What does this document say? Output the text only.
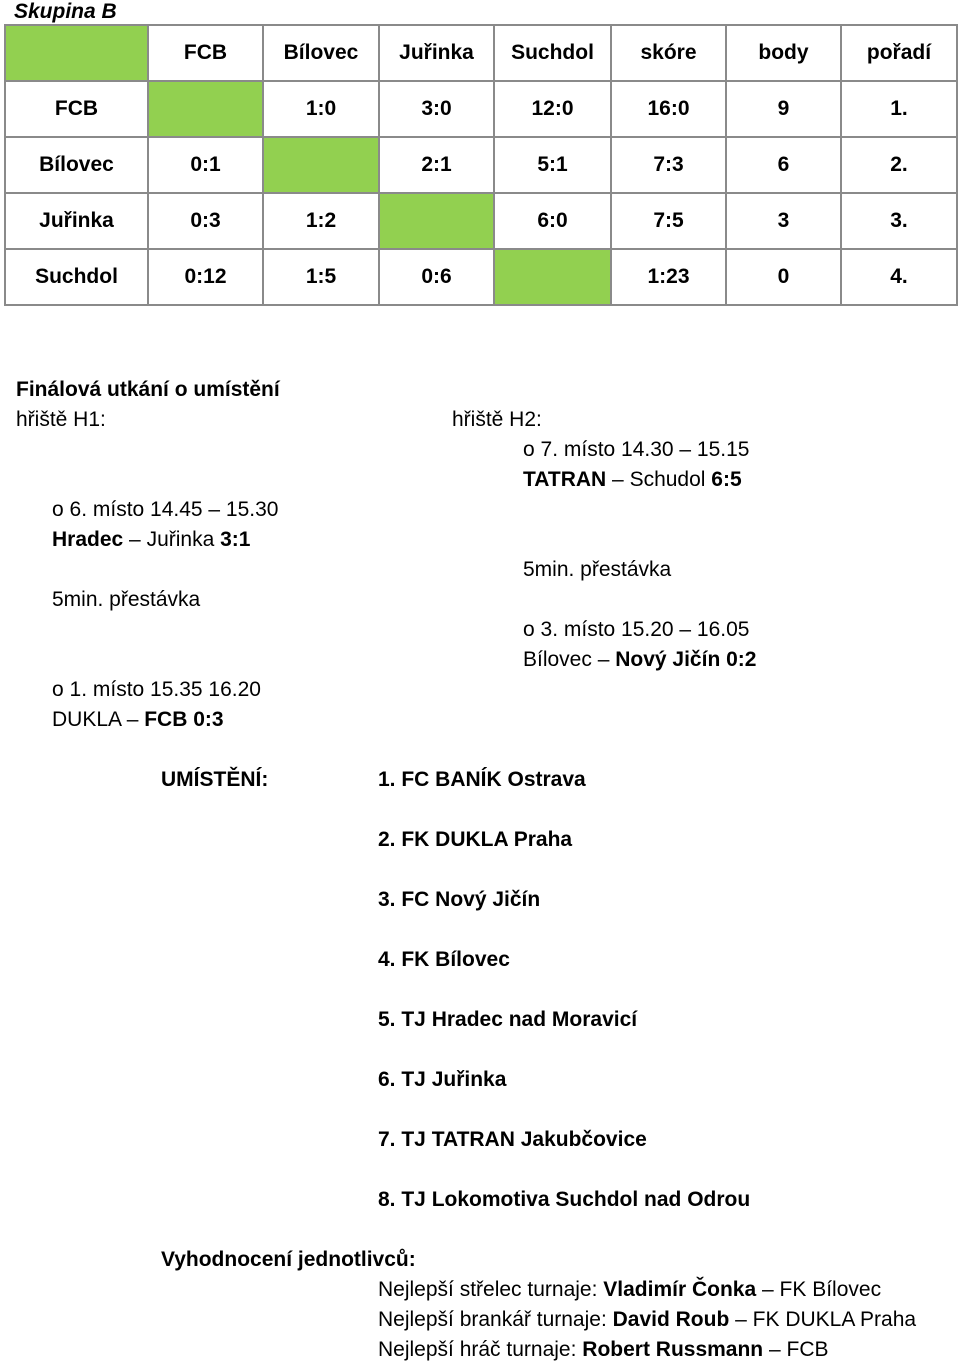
Skupina B
	FCB	Bílovec	Juřinka	Suchdol	skóre	body	pořadí
FCB		1:0	3:0	12:0	16:0	9	1.
Bílovec	0:1		2:1	5:1	7:3	6	2.
Juřinka	0:3	1:2		6:0	7:5	3	3.
Suchdol	0:12	1:5	0:6		1:23	0	4.
Finálová utkání o umístění
hřiště H1:	hřiště H2:
o 6. místo 14.45 – 15.30
Hradec – Juřinka 3:1
5min. přestávka
o 1. místo 15.35 16.20
DUKLA – FCB 0:3
o 7. místo 14.30 – 15.15
TATRAN – Schudol 6:5
5min. přestávka
o 3. místo 15.20 – 16.05
Bílovec – Nový Jičín 0:2
UMÍSTĚNÍ:	1. FC BANÍK Ostrava
2. FK DUKLA Praha
3. FC Nový Jičín
4. FK Bílovec
5. TJ Hradec nad Moravicí
6. TJ Juřinka
7. TJ TATRAN Jakubčovice
8. TJ Lokomotiva Suchdol nad Odrou
Vyhodnocení jednotlivců:
Nejlepší střelec turnaje: Vladimír Čonka – FK Bílovec
Nejlepší brankář turnaje: David Roub – FK DUKLA Praha
Nejlepší hráč turnaje: Robert Russmann – FCB
